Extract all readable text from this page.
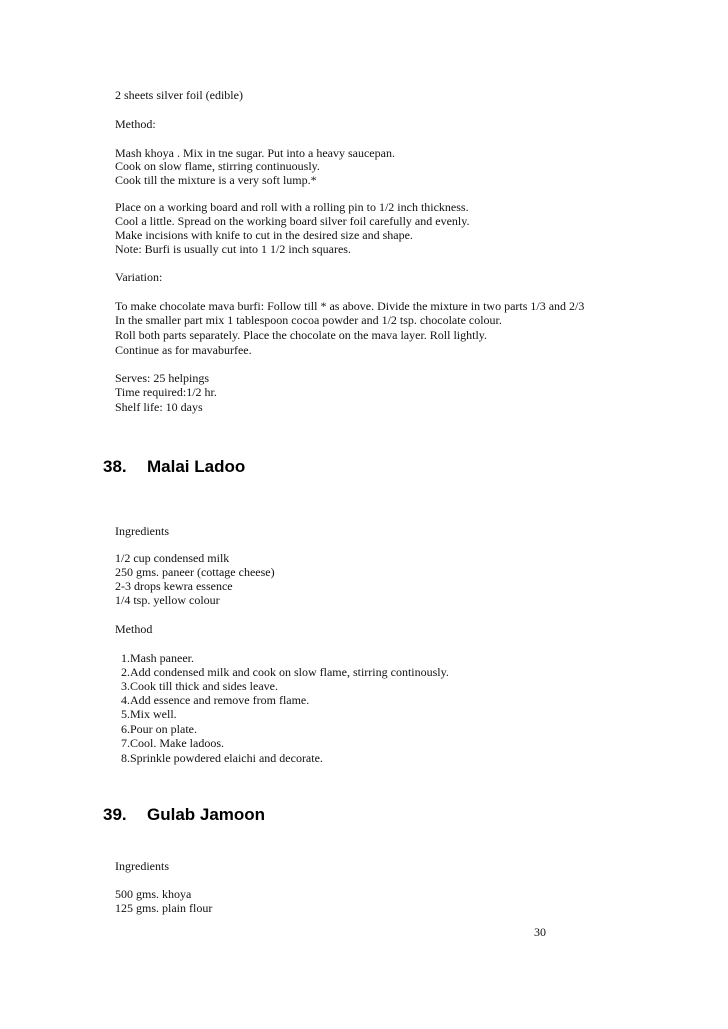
2 sheets silver foil (edible)
Method:
Mash khoya . Mix in tne sugar. Put into a heavy saucepan.
Cook on slow flame, stirring continuously.
Cook till the mixture is a very soft lump.*
Place on a working board and roll with a rolling pin to 1/2 inch thickness.
Cool a little. Spread on the working board silver foil carefully and evenly.
Make incisions with knife to cut in the desired size and shape.
Note: Burfi is usually cut into 1 1/2 inch squares.
Variation:
To make chocolate mava burfi: Follow till * as above. Divide the mixture in two parts 1/3 and 2/3
In the smaller part mix 1 tablespoon cocoa powder and 1/2 tsp. chocolate colour.
Roll both parts separately. Place the chocolate on the mava layer. Roll lightly.
Continue as for mavaburfee.
Serves: 25 helpings
Time required:1/2 hr.
Shelf life: 10 days
38. Malai Ladoo
Ingredients
1/2 cup condensed milk
250 gms. paneer (cottage cheese)
2-3 drops kewra essence
1/4 tsp. yellow colour
Method
1.Mash paneer.
2.Add condensed milk and cook on slow flame, stirring continously.
3.Cook till thick and sides leave.
4.Add essence and remove from flame.
5.Mix well.
6.Pour on plate.
7.Cool. Make ladoos.
8.Sprinkle powdered elaichi and decorate.
39. Gulab Jamoon
Ingredients
500 gms. khoya
125 gms. plain flour
30
